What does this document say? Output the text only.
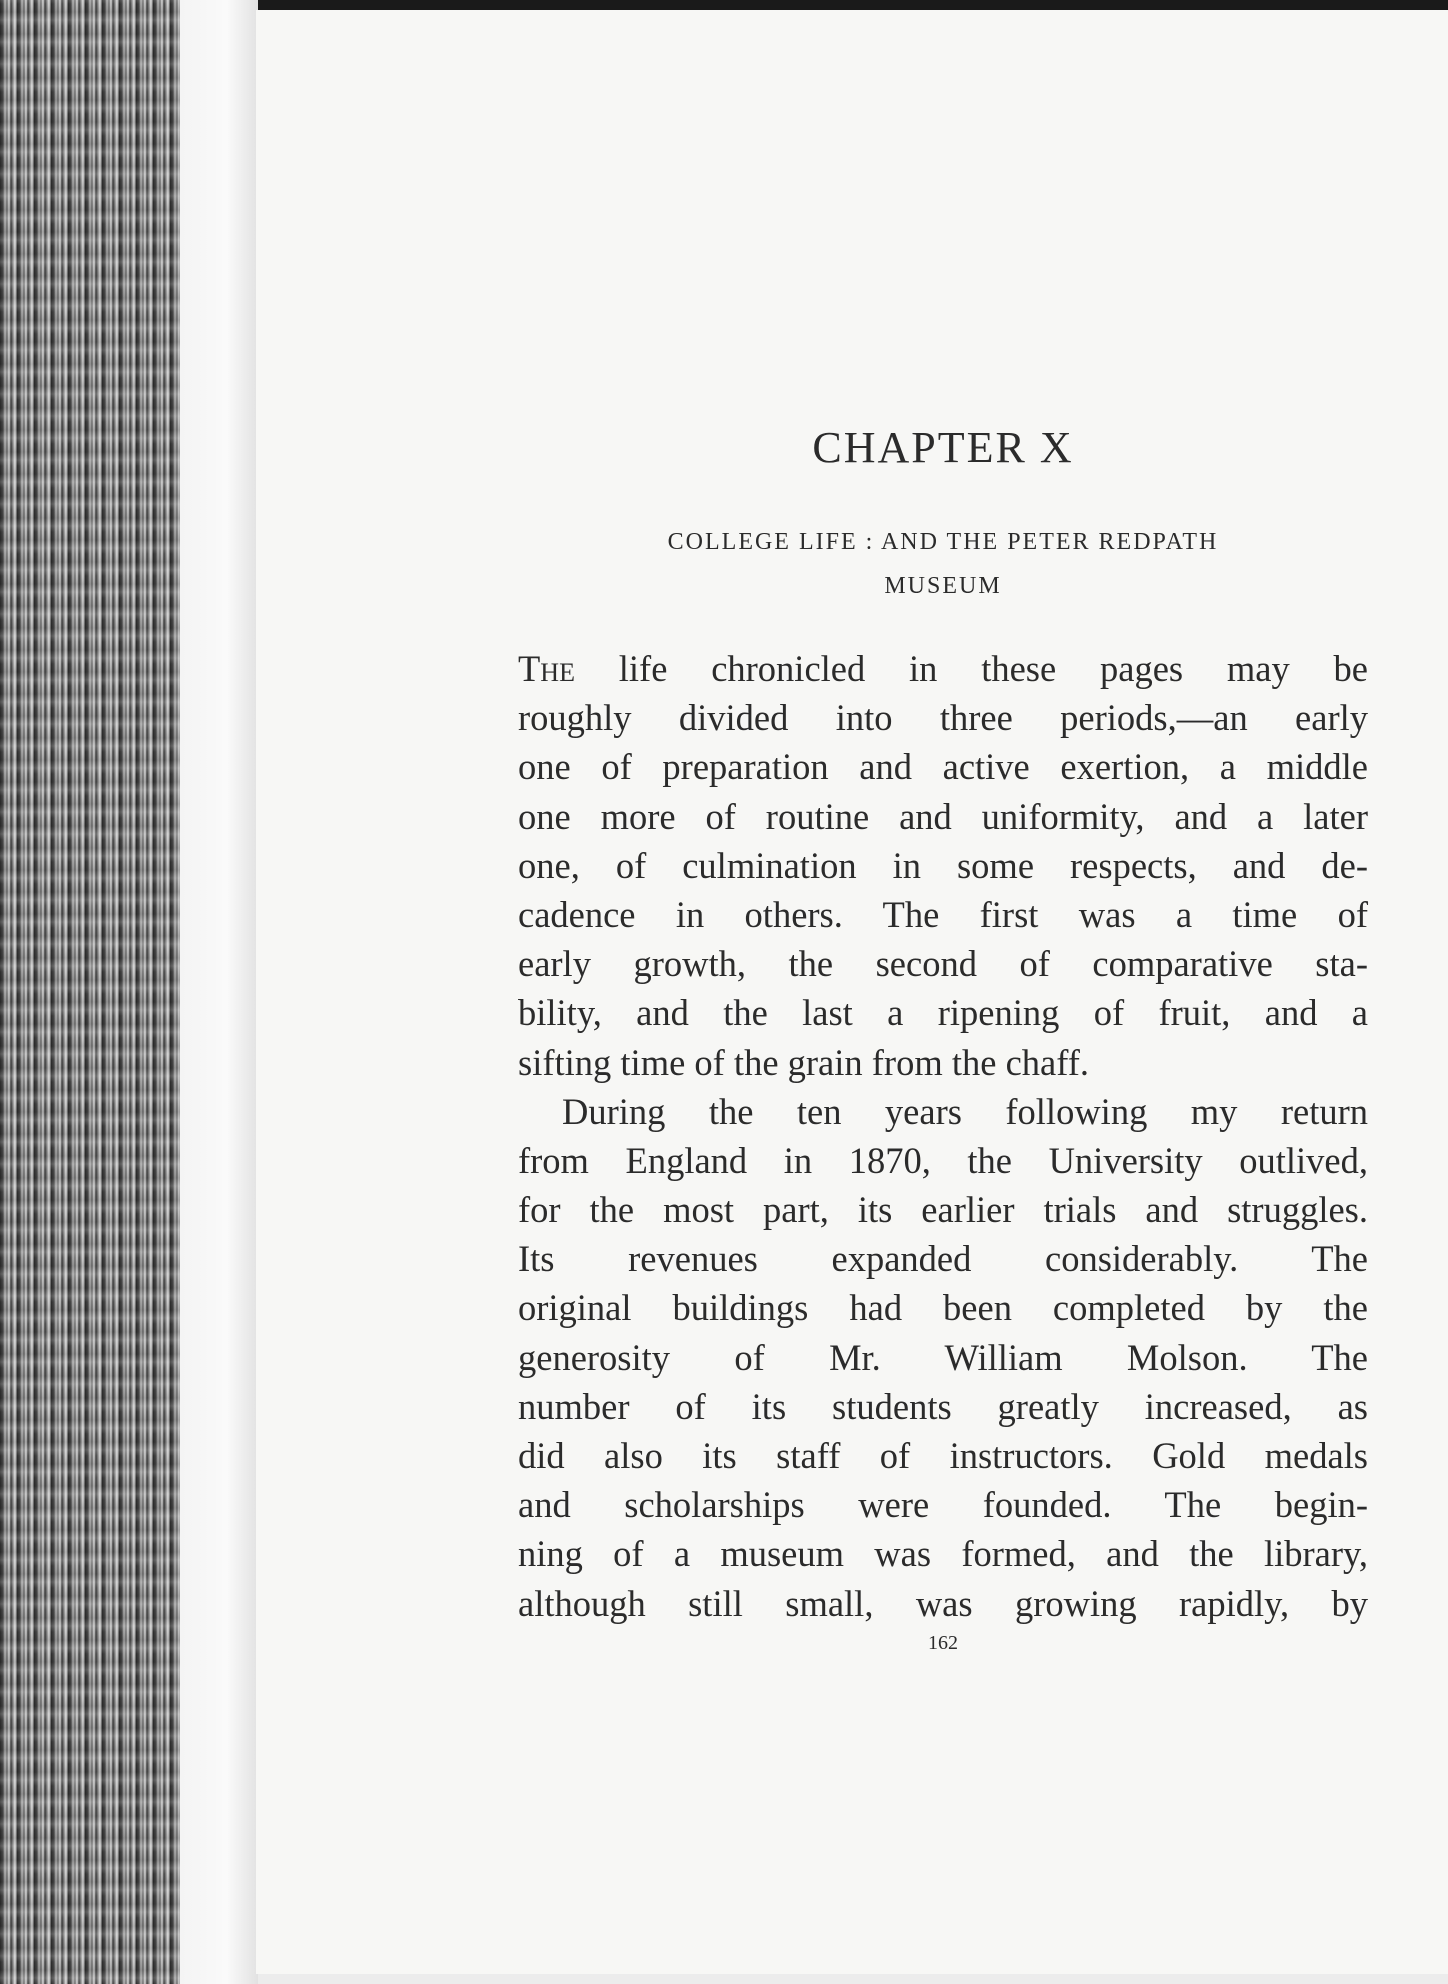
CHAPTER X
COLLEGE LIFE : AND THE PETER REDPATH
MUSEUM
The life chronicled in these pages may be
roughly divided into three periods,—an early
one of preparation and active exertion, a middle
one more of routine and uniformity, and a later
one, of culmination in some respects, and de-
cadence in others. The first was a time of
early growth, the second of comparative sta-
bility, and the last a ripening of fruit, and a
sifting time of the grain from the chaff.
During the ten years following my return
from England in 1870, the University outlived,
for the most part, its earlier trials and struggles.
Its revenues expanded considerably. The
original buildings had been completed by the
generosity of Mr. William Molson. The
number of its students greatly increased, as
did also its staff of instructors. Gold medals
and scholarships were founded. The begin-
ning of a museum was formed, and the library,
although still small, was growing rapidly, by
162
